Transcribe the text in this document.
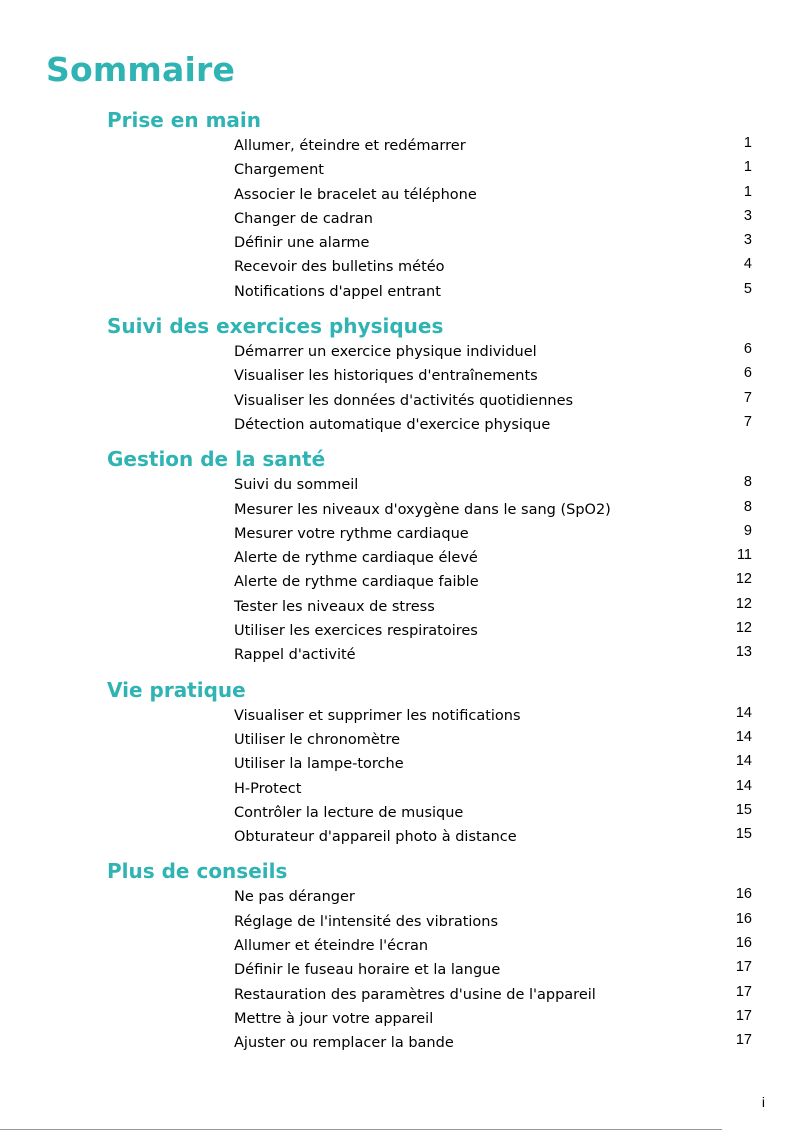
Sommaire
Prise en main
Allumer, éteindre et redémarrer	1
Chargement	1
Associer le bracelet au téléphone	1
Changer de cadran	3
Définir une alarme	3
Recevoir des bulletins météo	4
Notifications d'appel entrant	5
Suivi des exercices physiques
Démarrer un exercice physique individuel	6
Visualiser les historiques d'entraînements	6
Visualiser les données d'activités quotidiennes	7
Détection automatique d'exercice physique	7
Gestion de la santé
Suivi du sommeil	8
Mesurer les niveaux d'oxygène dans le sang (SpO2)	8
Mesurer votre rythme cardiaque	9
Alerte de rythme cardiaque élevé	11
Alerte de rythme cardiaque faible	12
Tester les niveaux de stress	12
Utiliser les exercices respiratoires	12
Rappel d'activité	13
Vie pratique
Visualiser et supprimer les notifications	14
Utiliser le chronomètre	14
Utiliser la lampe-torche	14
H-Protect	14
Contrôler la lecture de musique	15
Obturateur d'appareil photo à distance	15
Plus de conseils
Ne pas déranger	16
Réglage de l'intensité des vibrations	16
Allumer et éteindre l'écran	16
Définir le fuseau horaire et la langue	17
Restauration des paramètres d'usine de l'appareil	17
Mettre à jour votre appareil	17
Ajuster ou remplacer la bande	17
i
